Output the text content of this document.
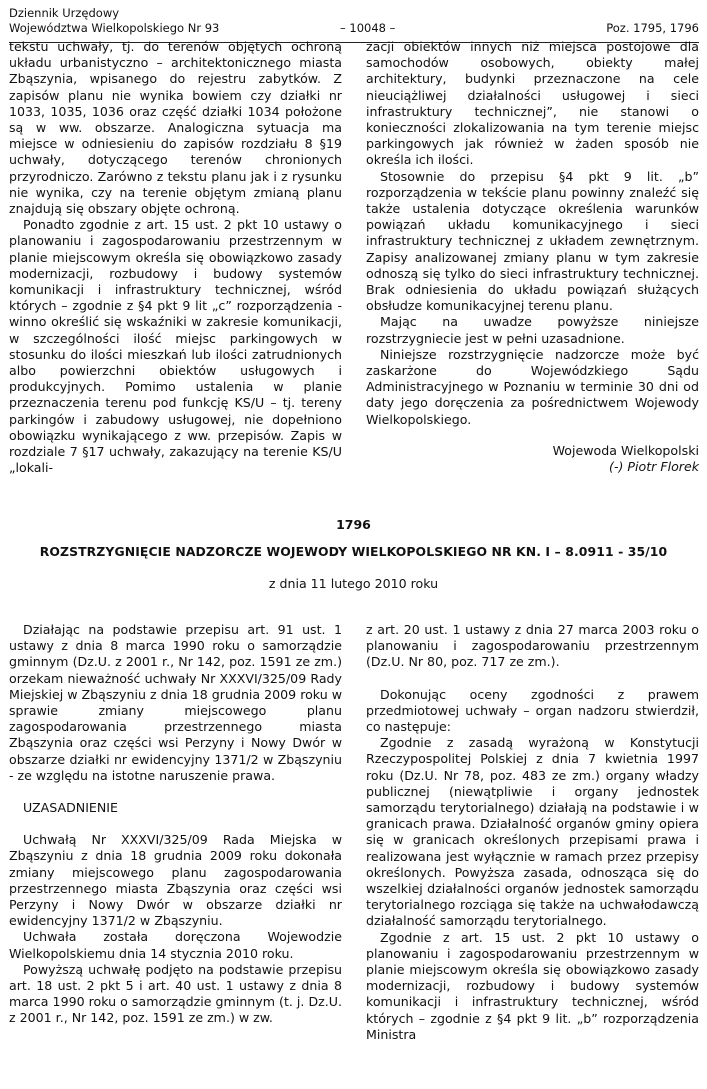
Dziennik Urzędowy
Województwa Wielkopolskiego Nr 93	– 10048 –	Poz. 1795, 1796

tekstu uchwały, tj. do terenów objętych ochroną układu urbanistyczno – architektonicznego miasta Zbąszynia, wpisanego do rejestru zabytków. Z zapisów planu nie wynika bowiem czy działki nr 1033, 1035, 1036 oraz część działki 1034 położone są w ww. obszarze. Analogiczna sytuacja ma miejsce w odniesieniu do zapisów rozdziału 8 §19 uchwały, dotyczącego terenów chronionych przyrodniczo. Zarówno z tekstu planu jak i z rysunku nie wynika, czy na terenie objętym zmianą planu znajdują się obszary objęte ochroną.

Ponadto zgodnie z art. 15 ust. 2 pkt 10 ustawy o planowaniu i zagospodarowaniu przestrzennym w planie miejscowym określa się obowiązkowo zasady modernizacji, rozbudowy i budowy systemów komunikacji i infrastruktury technicznej, wśród których – zgodnie z §4 pkt 9 lit „c” rozporządzenia - winno określić się wskaźniki w zakresie komunikacji, w szczególności ilość miejsc parkingowych w stosunku do ilości mieszkań lub ilości zatrudnionych albo powierzchni obiektów usługowych i produkcyjnych. Pomimo ustalenia w planie przeznaczenia terenu pod funkcję KS/U – tj. tereny parkingów i zabudowy usługowej, nie dopełniono obowiązku wynikającego z ww. przepisów. Zapis w rozdziale 7 §17 uchwały, zakazujący na terenie KS/U „lokali-

zacji obiektów innych niż miejsca postojowe dla samochodów osobowych, obiekty małej architektury, budynki przeznaczone na cele nieuciążliwej działalności usługowej i sieci infrastruktury technicznej”, nie stanowi o konieczności zlokalizowania na tym terenie miejsc parkingowych jak również w żaden sposób nie określa ich ilości.

Stosownie do przepisu §4 pkt 9 lit. „b” rozporządzenia w tekście planu powinny znaleźć się także ustalenia dotyczące określenia warunków powiązań układu komunikacyjnego i sieci infrastruktury technicznej z układem zewnętrznym. Zapisy analizowanej zmiany planu w tym zakresie odnoszą się tylko do sieci infrastruktury technicznej. Brak odniesienia do układu powiązań służących obsłudze komunikacyjnej terenu planu.

Mając na uwadze powyższe niniejsze rozstrzygniecie jest w pełni uzasadnione.

Niniejsze rozstrzygnięcie nadzorcze może być zaskarżone do Wojewódzkiego Sądu Administracyjnego w Poznaniu w terminie 30 dni od daty jego doręczenia za pośrednictwem Wojewody Wielkopolskiego.

Wojewoda Wielkopolski

(-) Piotr Florek

1796
ROZSTRZYGNIĘCIE NADZORCZE WOJEWODY WIELKOPOLSKIEGO NR KN. I – 8.0911 - 35/10
z dnia 11 lutego 2010 roku

Działając na podstawie przepisu art. 91 ust. 1 ustawy z dnia 8 marca 1990 roku o samorządzie gminnym (Dz.U. z 2001 r., Nr 142, poz. 1591 ze zm.) orzekam nieważność uchwały Nr XXXVI/325/09 Rady Miejskiej w Zbąszyniu z dnia 18 grudnia 2009 roku w sprawie zmiany miejscowego planu zagospodarowania przestrzennego miasta Zbąszynia oraz części wsi Perzyny i Nowy Dwór w obszarze działki nr ewidencyjny 1371/2 w Zbąszyniu - ze względu na istotne naruszenie prawa.

UZASADNIENIE

Uchwałą Nr XXXVI/325/09 Rada Miejska w Zbąszyniu z dnia 18 grudnia 2009 roku dokonała zmiany miejscowego planu zagospodarowania przestrzennego miasta Zbąszynia oraz części wsi Perzyny i Nowy Dwór w obszarze działki nr ewidencyjny 1371/2 w Zbąszyniu.

Uchwała została doręczona Wojewodzie Wielkopolskiemu dnia 14 stycznia 2010 roku.

Powyższą uchwałę podjęto na podstawie przepisu art. 18 ust. 2 pkt 5 i art. 40 ust. 1 ustawy z dnia 8 marca 1990 roku o samorządzie gminnym (t. j. Dz.U. z 2001 r., Nr 142, poz. 1591 ze zm.) w zw.

z art. 20 ust. 1 ustawy z dnia 27 marca 2003 roku o planowaniu i zagospodarowaniu przestrzennym (Dz.U. Nr 80, poz. 717 ze zm.).

Dokonując oceny zgodności z prawem przedmiotowej uchwały – organ nadzoru stwierdził, co następuje:

Zgodnie z zasadą wyrażoną w Konstytucji Rzeczypospolitej Polskiej z dnia 7 kwietnia 1997 roku (Dz.U. Nr 78, poz. 483 ze zm.) organy władzy publicznej (niewątpliwie i organy jednostek samorządu terytorialnego) działają na podstawie i w granicach prawa. Działalność organów gminy opiera się w granicach określonych przepisami prawa i realizowana jest wyłącznie w ramach przez przepisy określonych. Powyższa zasada, odnosząca się do wszelkiej działalności organów jednostek samorządu terytorialnego rozciąga się także na uchwałodawczą działalność samorządu terytorialnego.

Zgodnie z art. 15 ust. 2 pkt 10 ustawy o planowaniu i zagospodarowaniu przestrzennym w planie miejscowym określa się obowiązkowo zasady modernizacji, rozbudowy i budowy systemów komunikacji i infrastruktury technicznej, wśród których – zgodnie z §4 pkt 9 lit. „b” rozporządzenia Ministra
